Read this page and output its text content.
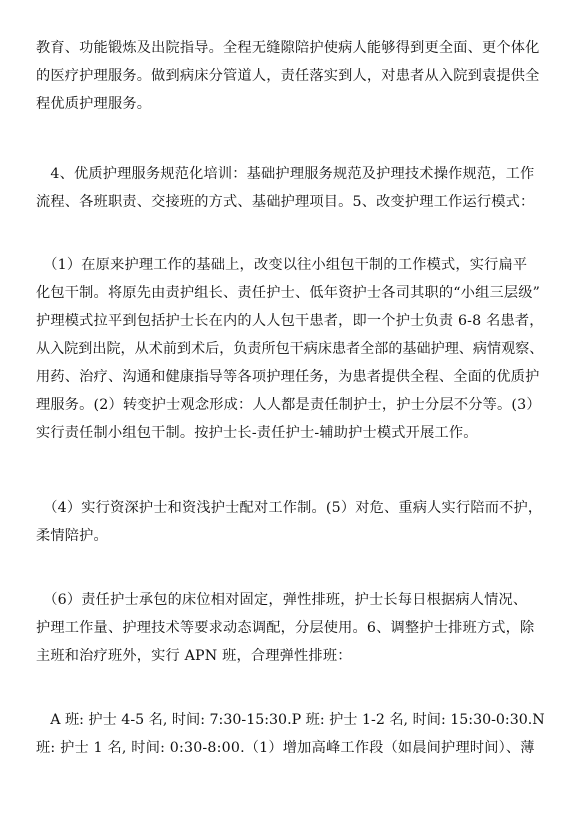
教育、功能锻炼及出院指导。全程无缝隙陪护使病人能够得到更全面、更个体化
的医疗护理服务。做到病床分管道人，责任落实到人，对患者从入院到袁提供全
程优质护理服务。
　4、优质护理服务规范化培训：基础护理服务规范及护理技术操作规范，工作
流程、各班职责、交接班的方式、基础护理项目。5、改变护理工作运行模式：
　（1）在原来护理工作的基础上，改变以往小组包干制的工作模式，实行扁平
化包干制。将原先由责护组长、责任护士、低年资护士各司其职的“小组三层级”
护理模式拉平到包括护士长在内的人人包干患者，即一个护士负责 6-8 名患者，
从入院到出院，从术前到术后，负责所包干病床患者全部的基础护理、病情观察、
用药、治疗、沟通和健康指导等各项护理任务，为患者提供全程、全面的优质护
理服务。(2）转变护士观念形成：人人都是责任制护士，护士分层不分等。(3）
实行责任制小组包干制。按护士长-责任护士-辅助护士模式开展工作。
　（4）实行资深护士和资浅护士配对工作制。(5）对危、重病人实行陪而不护，
柔情陪护。
　（6）责任护士承包的床位相对固定，弹性排班，护士长每日根据病人情况、
护理工作量、护理技术等要求动态调配，分层使用。6、调整护士排班方式，除
主班和治疗班外，实行 APN 班，合理弹性排班：
　A 班: 护士 4-5 名, 时间: 7:30-15:30.P 班: 护士 1-2 名, 时间: 15:30-0:30.N
班: 护士 1 名, 时间: 0:30-8:00.（1）增加高峰工作段（如晨间护理时间）、薄
